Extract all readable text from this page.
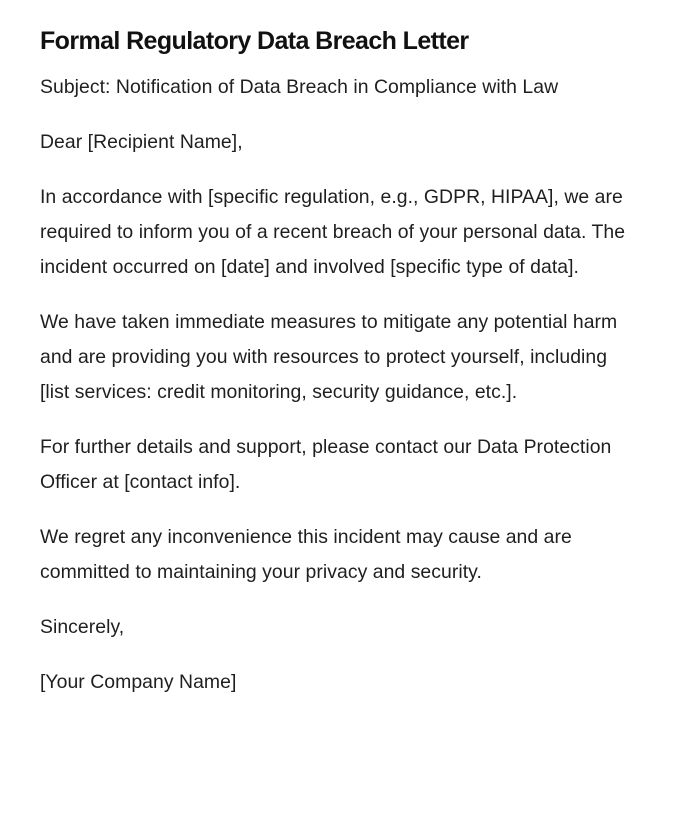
Formal Regulatory Data Breach Letter

Subject: Notification of Data Breach in Compliance with Law

Dear [Recipient Name],

In accordance with [specific regulation, e.g., GDPR, HIPAA], we are required to inform you of a recent breach of your personal data. The incident occurred on [date] and involved [specific type of data].

We have taken immediate measures to mitigate any potential harm and are providing you with resources to protect yourself, including [list services: credit monitoring, security guidance, etc.].

For further details and support, please contact our Data Protection Officer at [contact info].

We regret any inconvenience this incident may cause and are committed to maintaining your privacy and security.

Sincerely,

[Your Company Name]
